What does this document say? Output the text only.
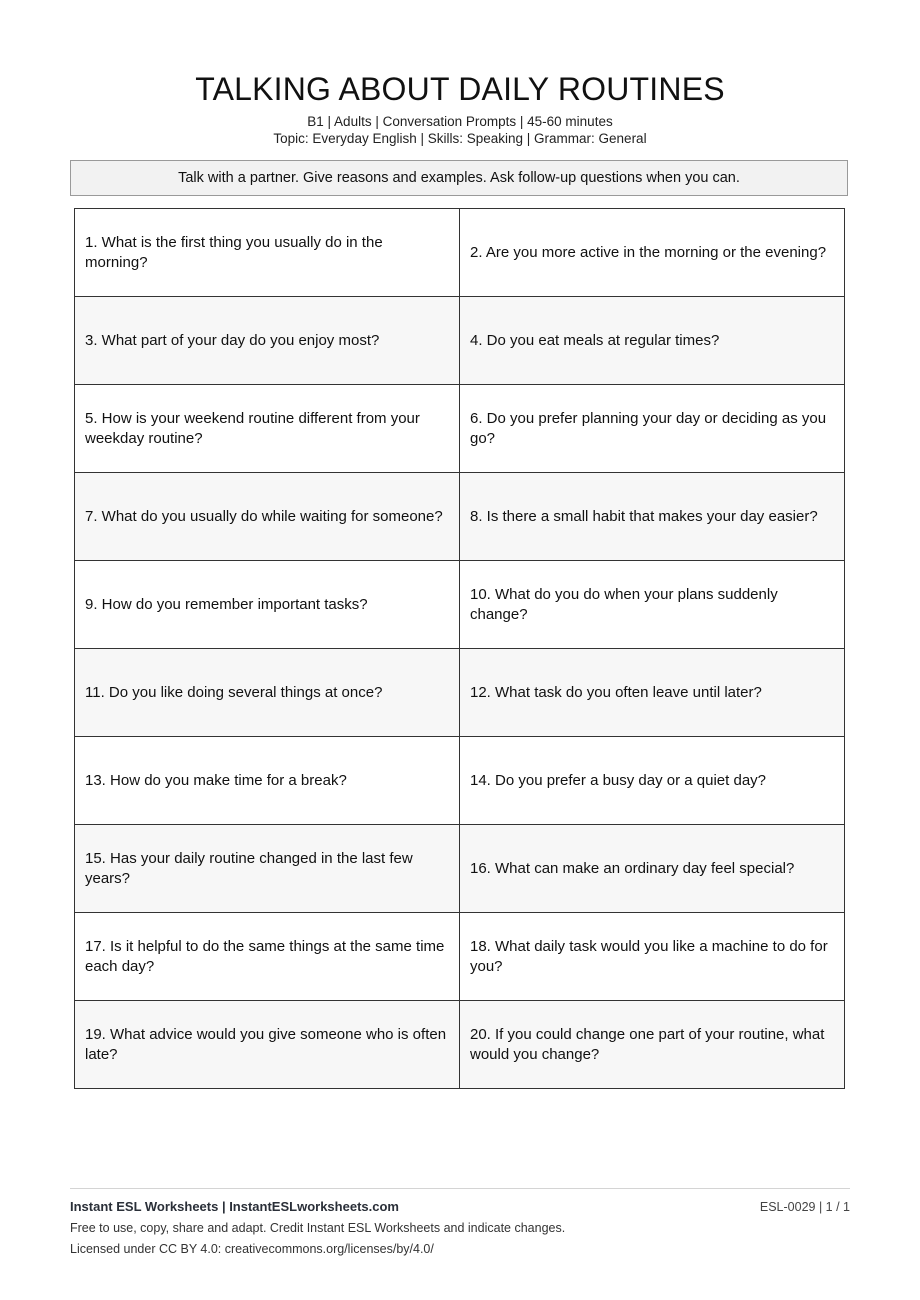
TALKING ABOUT DAILY ROUTINES
B1 | Adults | Conversation Prompts | 45-60 minutes
Topic: Everyday English | Skills: Speaking | Grammar: General
Talk with a partner. Give reasons and examples. Ask follow-up questions when you can.
1. What is the first thing you usually do in the morning?	2. Are you more active in the morning or the evening?
3. What part of your day do you enjoy most?	4. Do you eat meals at regular times?
5. How is your weekend routine different from your weekday routine?	6. Do you prefer planning your day or deciding as you go?
7. What do you usually do while waiting for someone?	8. Is there a small habit that makes your day easier?
9. How do you remember important tasks?	10. What do you do when your plans suddenly change?
11. Do you like doing several things at once?	12. What task do you often leave until later?
13. How do you make time for a break?	14. Do you prefer a busy day or a quiet day?
15. Has your daily routine changed in the last few years?	16. What can make an ordinary day feel special?
17. Is it helpful to do the same things at the same time each day?	18. What daily task would you like a machine to do for you?
19. What advice would you give someone who is often late?	20. If you could change one part of your routine, what would you change?
Instant ESL Worksheets | InstantESLworksheets.com	ESL-0029 | 1 / 1
Free to use, copy, share and adapt. Credit Instant ESL Worksheets and indicate changes.
Licensed under CC BY 4.0: creativecommons.org/licenses/by/4.0/
